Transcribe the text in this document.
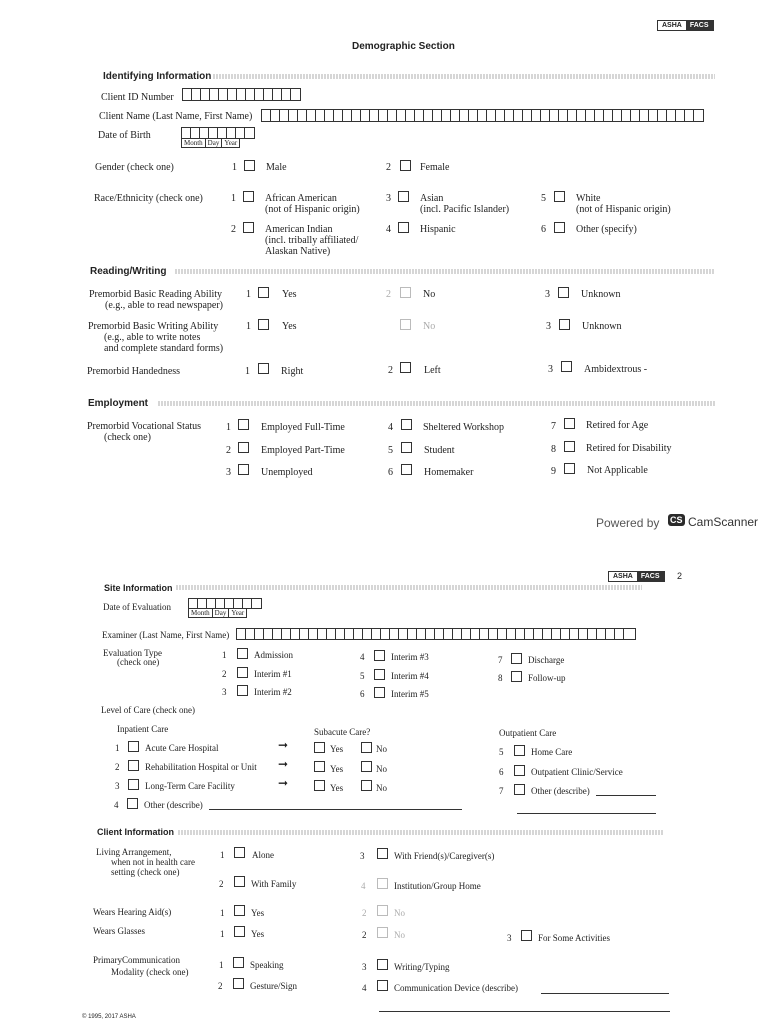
ASHA	FACS
Demographic Section
Identifying Information
Client ID Number
Client Name (Last Name, First Name)
Date of Birth
Month Day Year
Gender (check one)	1	Male	2	Female
Race/Ethnicity (check one)	1	African American
(not of Hispanic origin)
3	Asian
(incl. Pacific Islander)
5	White
(not of Hispanic origin)
2	American Indian
(incl. tribally affiliated/
Alaskan Native)
4	Hispanic	6	Other (specify)
Reading/Writing
Premorbid Basic Reading Ability
(e.g., able to read newspaper)
1	Yes	2	No	3	Unknown
Premorbid Basic Writing Ability
(e.g., able to write notes
and complete standard forms)
1	Yes	No	3	Unknown
Premorbid Handedness	1	Right	2	Left	3	Ambidextrous -
Employment
Premorbid Vocational Status
(check one)
1	Employed Full-Time
2	Employed Part-Time
3	Unemployed
4	Sheltered Workshop
5	Student
6	Homemaker
7	Retired for Age
8	Retired for Disability
9	Not Applicable
Powered by CS CamScanner
ASHA	FACS	2
Site Information
Date of Evaluation
Month Day Year
Examiner (Last Name, First Name)
Evaluation Type
(check one)
1	Admission
2	Interim #1
3	Interim #2
4	Interim #3
5	Interim #4
6	Interim #5
7	Discharge
8	Follow-up
Level of Care (check one)
Inpatient Care	Subacute Care?	Outpatient Care
1	Acute Care Hospital	➞	Yes	No
2	Rehabilitation Hospital or Unit ➞	Yes	No
3	Long-Term Care Facility	➞	Yes	No
4	Other (describe)
5	Home Care
6	Outpatient Clinic/Service
7	Other (describe)
Client Information
Living Arrangement,
when not in health care
setting (check one)
1	Alone
2	With Family
3	With Friend(s)/Caregiver(s)
4	Institution/Group Home
Wears Hearing Aid(s)	1	Yes	2	No
Wears Glasses	1	Yes	2	No	3	For Some Activities
PrimaryCommunication
Modality (check one)
1	Speaking
2	Gesture/Sign
3	Writing/Typing
4	Communication Device (describe)
© 1995, 2017 ASHA
